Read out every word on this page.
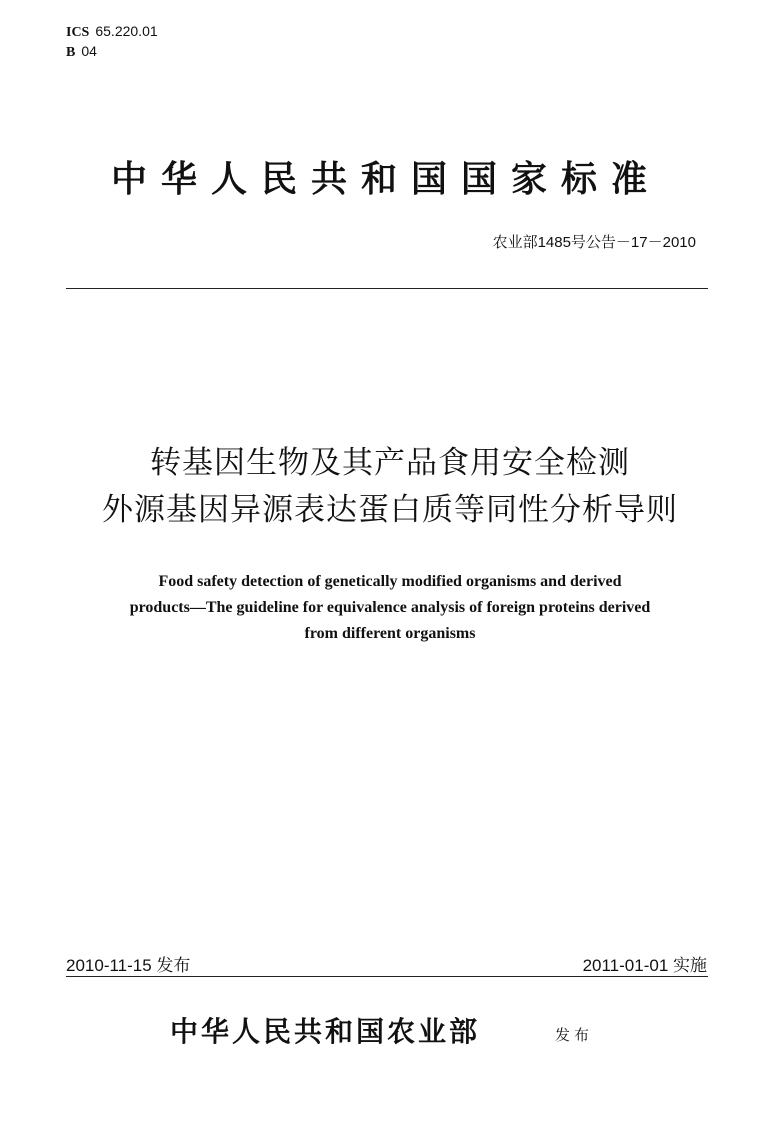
ICS 65.220.01
B 04
中华人民共和国国家标准
农业部1485号公告－17－2010
转基因生物及其产品食用安全检测
外源基因异源表达蛋白质等同性分析导则
Food safety detection of genetically modified organisms and derived
products—The guideline for equivalence analysis of foreign proteins derived
from different organisms
2010-11-15 发布	2011-01-01 实施
中华人民共和国农业部	发布
